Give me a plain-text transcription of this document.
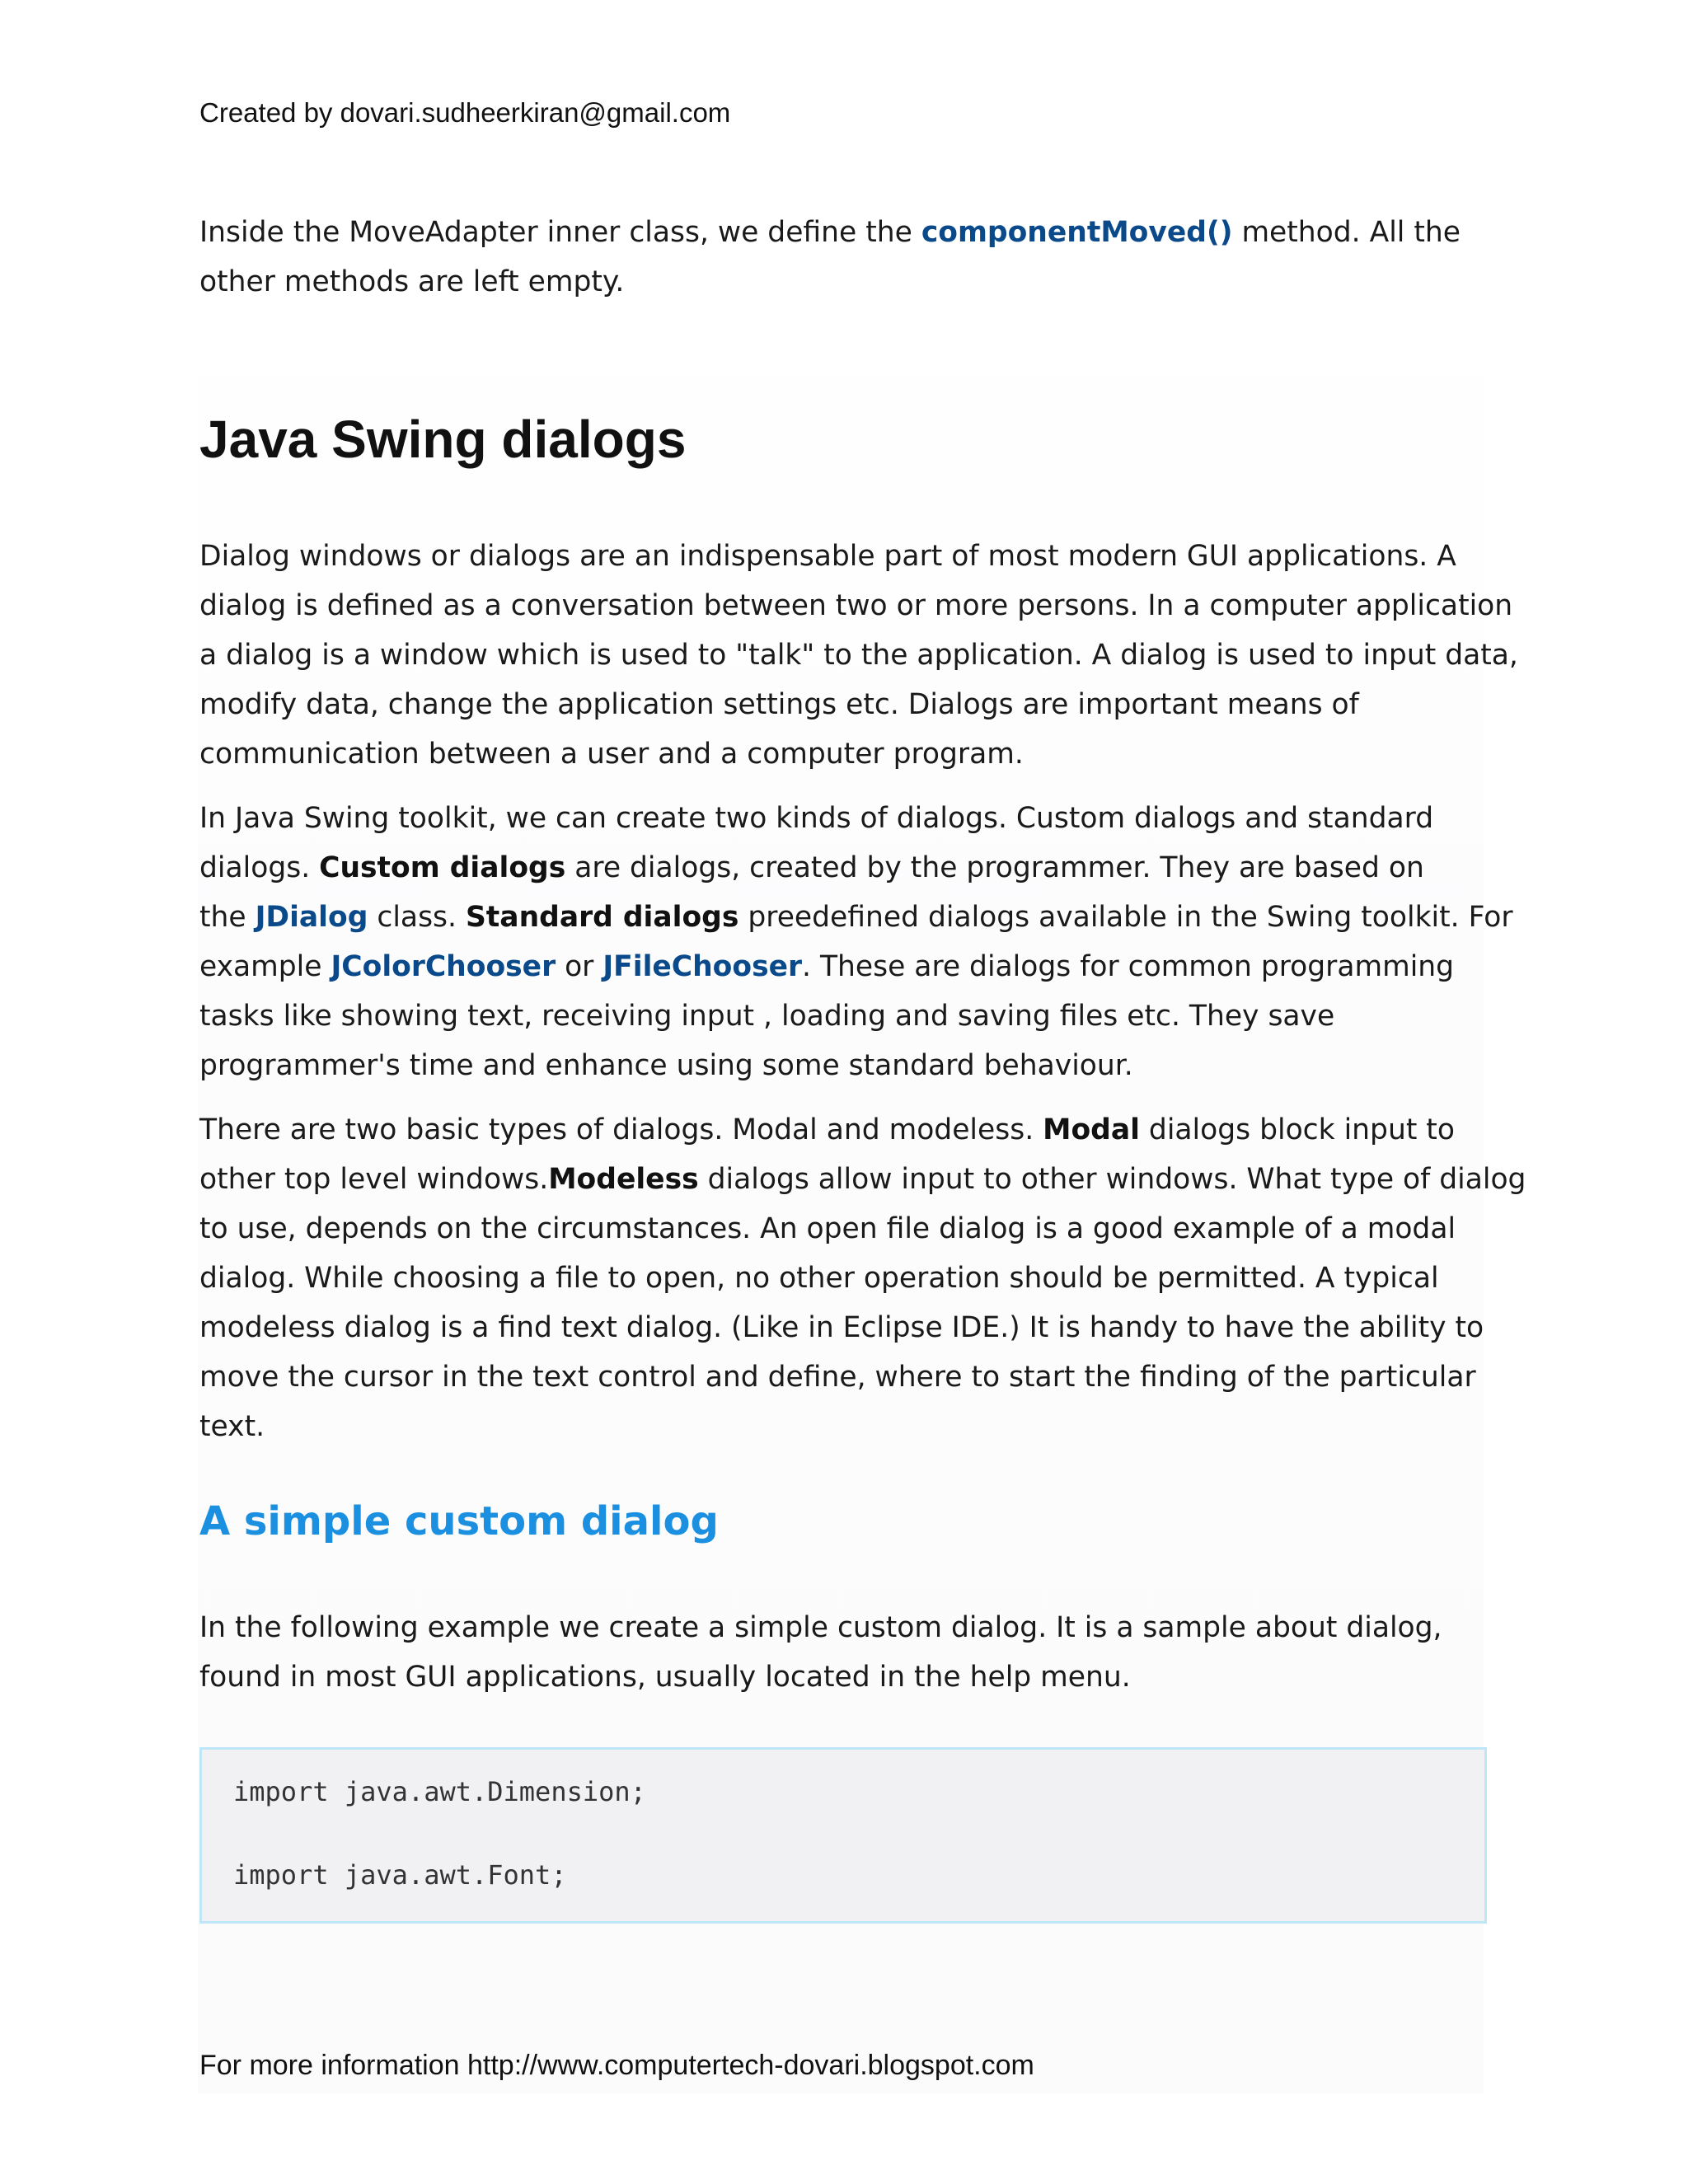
Created by dovari.sudheerkiran@gmail.com

Inside the MoveAdapter inner class, we define the componentMoved() method. All the
other methods are left empty.

Java Swing dialogs

Dialog windows or dialogs are an indispensable part of most modern GUI applications. A
dialog is defined as a conversation between two or more persons. In a computer application
a dialog is a window which is used to "talk" to the application. A dialog is used to input data,
modify data, change the application settings etc. Dialogs are important means of
communication between a user and a computer program.

In Java Swing toolkit, we can create two kinds of dialogs. Custom dialogs and standard
dialogs. Custom dialogs are dialogs, created by the programmer. They are based on
the JDialog class. Standard dialogs preedefined dialogs available in the Swing toolkit. For
example JColorChooser or JFileChooser. These are dialogs for common programming
tasks like showing text, receiving input , loading and saving files etc. They save
programmer's time and enhance using some standard behaviour.

There are two basic types of dialogs. Modal and modeless. Modal dialogs block input to
other top level windows.Modeless dialogs allow input to other windows. What type of dialog
to use, depends on the circumstances. An open file dialog is a good example of a modal
dialog. While choosing a file to open, no other operation should be permitted. A typical
modeless dialog is a find text dialog. (Like in Eclipse IDE.) It is handy to have the ability to
move the cursor in the text control and define, where to start the finding of the particular
text.

A simple custom dialog

In the following example we create a simple custom dialog. It is a sample about dialog,
found in most GUI applications, usually located in the help menu.

import java.awt.Dimension;
import java.awt.Font;
For more information http://www.computertech-dovari.blogspot.com
